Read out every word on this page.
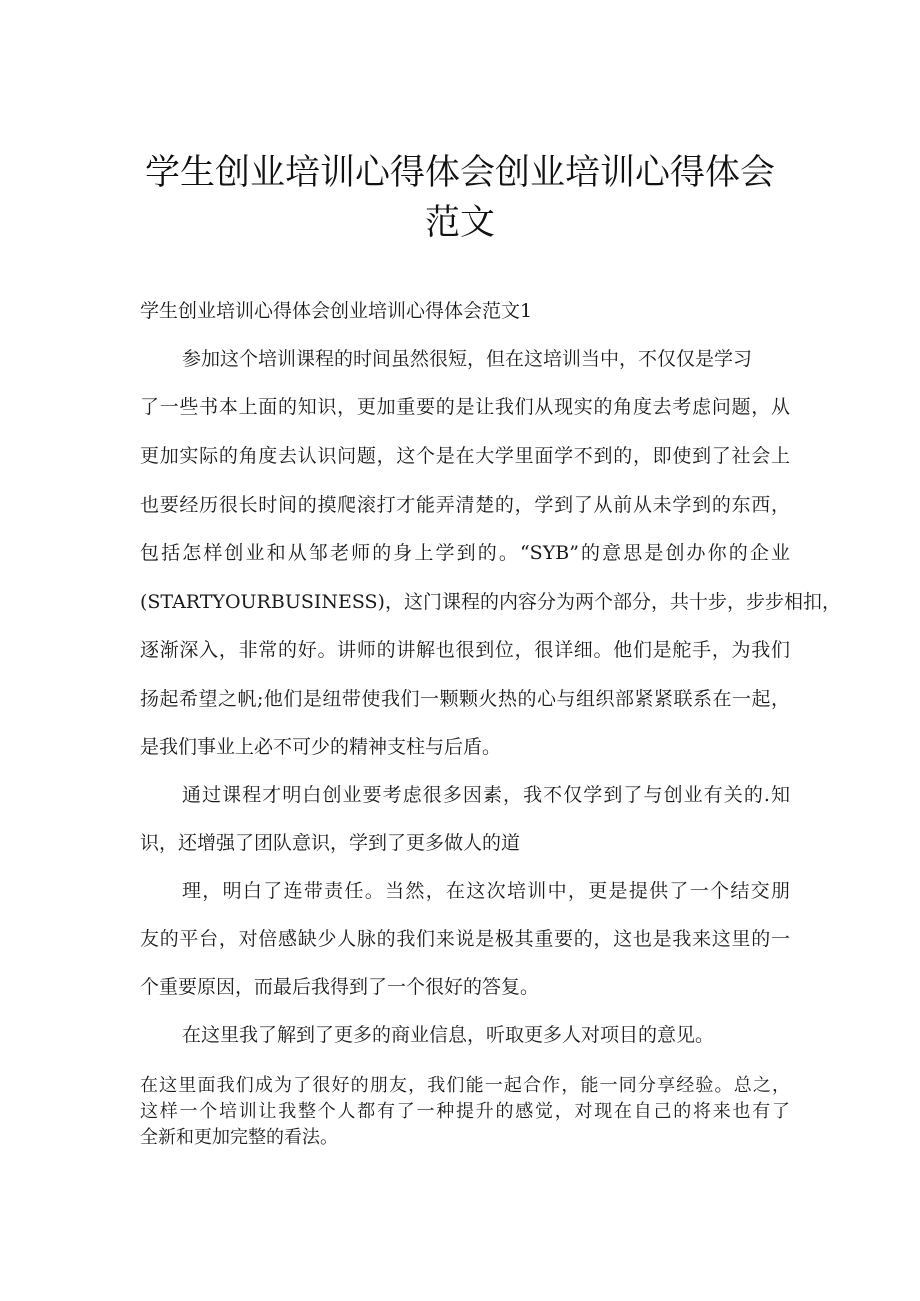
学生创业培训心得体会创业培训心得体会
范文

学生创业培训心得体会创业培训心得体会范文1

参加这个培训课程的时间虽然很短，但在这培训当中，不仅仅是学习

了一些书本上面的知识，更加重要的是让我们从现实的角度去考虑问题，从

更加实际的角度去认识问题，这个是在大学里面学不到的，即使到了社会上

也要经历很长时间的摸爬滚打才能弄清楚的，学到了从前从未学到的东西，

包括怎样创业和从邹老师的身上学到的。“SYB”的意思是创办你的企业

(STARTYOURBUSINESS)，这门课程的内容分为两个部分，共十步，步步相扣，

逐渐深入，非常的好。讲师的讲解也很到位，很详细。他们是舵手，为我们

扬起希望之帆;他们是纽带使我们一颗颗火热的心与组织部紧紧联系在一起，

是我们事业上必不可少的精神支柱与后盾。

通过课程才明白创业要考虑很多因素，我不仅学到了与创业有关的.知

识，还增强了团队意识，学到了更多做人的道

理，明白了连带责任。当然，在这次培训中，更是提供了一个结交朋

友的平台，对倍感缺少人脉的我们来说是极其重要的，这也是我来这里的一

个重要原因，而最后我得到了一个很好的答复。

在这里我了解到了更多的商业信息，听取更多人对项目的意见。

在这里面我们成为了很好的朋友，我们能一起合作，能一同分享经验。总之，

这样一个培训让我整个人都有了一种提升的感觉，对现在自己的将来也有了

全新和更加完整的看法。
